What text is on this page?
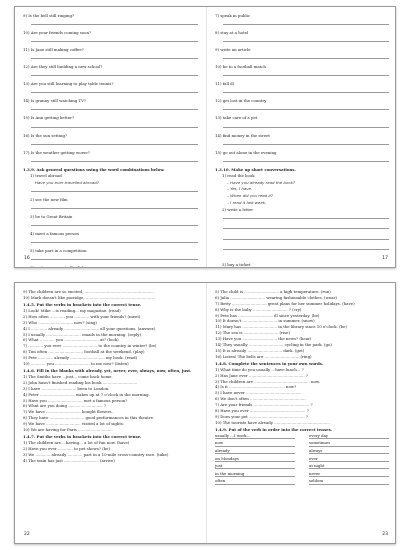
9) Is the bell still ringing?
10) Are your friends coming soon?
11) Is Jane still making coffee?
12) Are they still building a new school?
13) Are you still learning to play table tennis?
14) Is granny still watching TV?
15) Is Ann getting better?
16) Is the sun setting?
17) Is the weather getting worse?
1.3.9. Ask general questions using the word combinations below.
1) travel abroad
Have you ever travelled abroad?
2) see the new film
3) be to Great Britain
4) meet a famous person
5) take part in a competition
6) write an essay in English
16
7) speak in public
8) stay at a hotel
9) write an article
10) be to a football match
11) fall ill
12) get lost in the country
13) take care of a pet
14) find money in the street
15) go out alone in the evening
1.3.10. Make up short conversations.
1) read the book
– Have you already read the book?
– Yes, I have.
– When did you read it?
– I read it last week.
2) write a letter
3) buy a ticket
17
9) The children are so excited, ........................................................
10) Mark doesn't like porridge, ........................................................
1.4.5. Put the verbs in brackets into the correct tense.
1) Look! Mike ...is reading... my magazine. (read)
2) How often ............ you ............ with your friends? (meet)
3) Who ............................ now? (sing)
4) I ............. already ............................ all your questions. (answer)
5) I usually ............................ emails in the morning. (reply)
6) What ............ you ............................ at? (look)
7) ............ you ever ............................ to the country in winter? (be)
8) Tim often ............................ football at the weekend. (play)
9) Pete ............ already ............................ my book. (read)
10) ............ you ............................ to me now? (listen)
1.4.6. Fill in the blanks with already, yet, never, ever, always, now, often, just.
1) The Smiths have ...just... come back home.
2) John hasn't finished reading his book ............................
3) I have ............................ been to London.
4) Peter ............................ wakes up at 7 o'clock in the morning.
5) Have you ............................ met a famous person?
6) What are you doing ............................ ?
7) We have ............................ bought flowers.
8) They have ............................ good performances in this theatre.
9) We have ............................ visited a lot of sights.
10) We are having for Paris ............................
1.4.7. Put the verbs in brackets into the correct tense.
1) The children are ...having... a lot of fun now. (have)
2) Have you ever ............ to pet shows? (be)
3) We ............ already ............ part in a 10-mile cross-country race. (take)
4) The train has just ............................ (arrive)
22
5) The child is ............................ a high temperature. (run)
6) Julia ............................ wearing fashionable clothes. (wear)
7) Betty ............................ great plans for her summer holidays. (have)
8) Why is the baby ............................ ? (cry)
9) Pete has ............................ ill since yesterday. (be)
10) It doesn't ............................ in summer. (snow)
11) Mary has ............................ in the library since 10 o'clock. (be)
12) The sea is ............................ (rise)
13) Have you ............................ the news? (hear)
14) They usually ............................ cycling in the park. (go)
15) It is already ............................ dark. (get)
16) Listen! The bells are ............................ (ring)
1.4.8. Complete the sentences in your own words.
1) What time do you usually ...have lunch... ?
2) Has Jane ever ............................................. ?
3) The children are ............................................. now.
4) Is it ............................................. now?
5) I have never .............................................
6) We don't often .............................................
7) Are your friends ............................................. ?
8) Have you ever ............................................. ?
9) Does your pet ............................................. ?
10) The tourists have already .............................................
1.4.9. Put of the verb in order into the correct tenses.
usually ...I work...	every day
now	sometimes
already	always
on Mondays	ever
just	at night
in the morning	never
often	seldom
23
